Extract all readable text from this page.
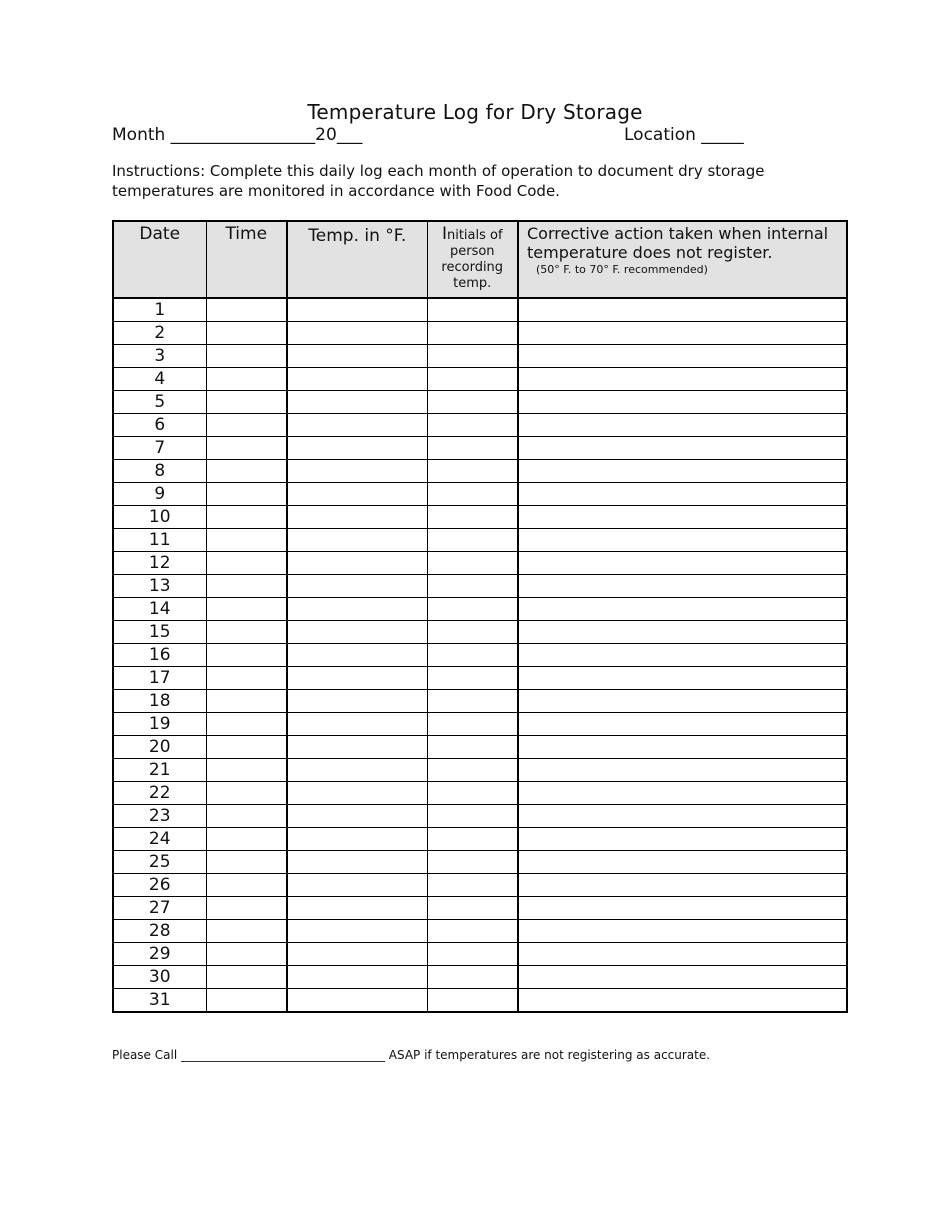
Temperature Log for Dry Storage
Month _________________20___	Location _____
Instructions: Complete this daily log each month of operation to document dry storage
temperatures are monitored in accordance with Food Code.
Date	Time	Temp. in °F.	Initials of person recording temp.	Corrective action taken when internal temperature does not register.
(50° F. to 70° F. recommended)

1				
2				
3				
4				
5				
6				
7				
8				
9				
10				
11				
12				
13				
14				
15				
16				
17				
18				
19				
20				
21				
22				
23				
24				
25				
26				
27				
28				
29				
30				
31				
Please Call __________________________________ ASAP if temperatures are not registering as accurate.
